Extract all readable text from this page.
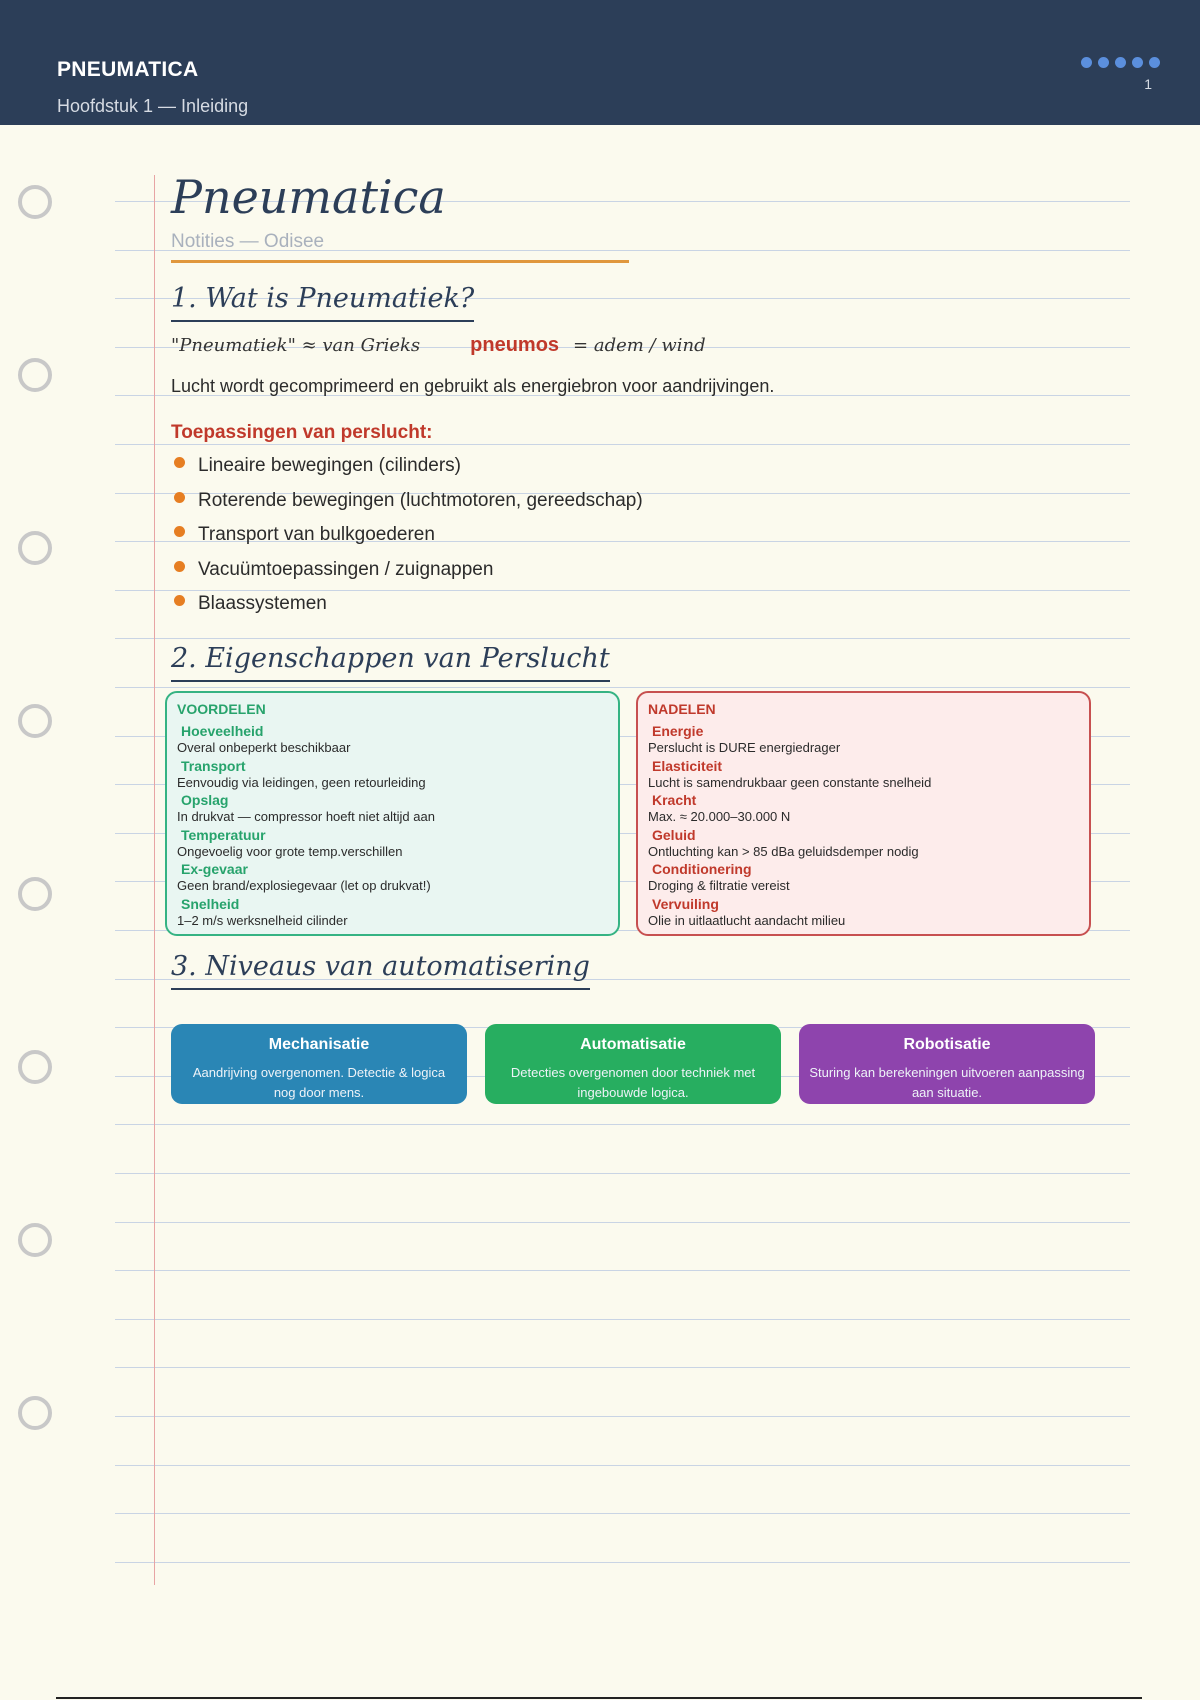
PNEUMATICA
Hoofdstuk 1 — Inleiding
1
Pneumatica
Notities — Odisee
1. Wat is Pneumatiek?
"Pneumatiek" ≈ van Grieks	pneumos = adem / wind
Lucht wordt gecomprimeerd en gebruikt als energiebron voor aandrijvingen.
Toepassingen van perslucht:
Lineaire bewegingen (cilinders)
Roterende bewegingen (luchtmotoren, gereedschap)
Transport van bulkgoederen
Vacuümtoepassingen / zuignappen
Blaassystemen
2. Eigenschappen van Perslucht
VOORDELEN
Hoeveelheid
Overal onbeperkt beschikbaar
Transport
Eenvoudig via leidingen, geen retourleiding
Opslag
In drukvat — compressor hoeft niet altijd aan
Temperatuur
Ongevoelig voor grote temp.verschillen
Ex-gevaar
Geen brand/explosiegevaar (let op drukvat!)
Snelheid
1–2 m/s werksnelheid cilinder
NADELEN
Energie
Perslucht is DURE energiedrager
Elasticiteit
Lucht is samendrukbaar geen constante snelheid
Kracht
Max. ≈ 20.000–30.000 N
Geluid
Ontluchting kan > 85 dBa geluidsdemper nodig
Conditionering
Droging & filtratie vereist
Vervuiling
Olie in uitlaatlucht aandacht milieu
3. Niveaus van automatisering
Mechanisatie
Aandrijving overgenomen. Detectie & logica nog door mens.
Automatisatie
Detecties overgenomen door techniek met ingebouwde logica.
Robotisatie
Sturing kan berekeningen uitvoeren aanpassing aan situatie.
